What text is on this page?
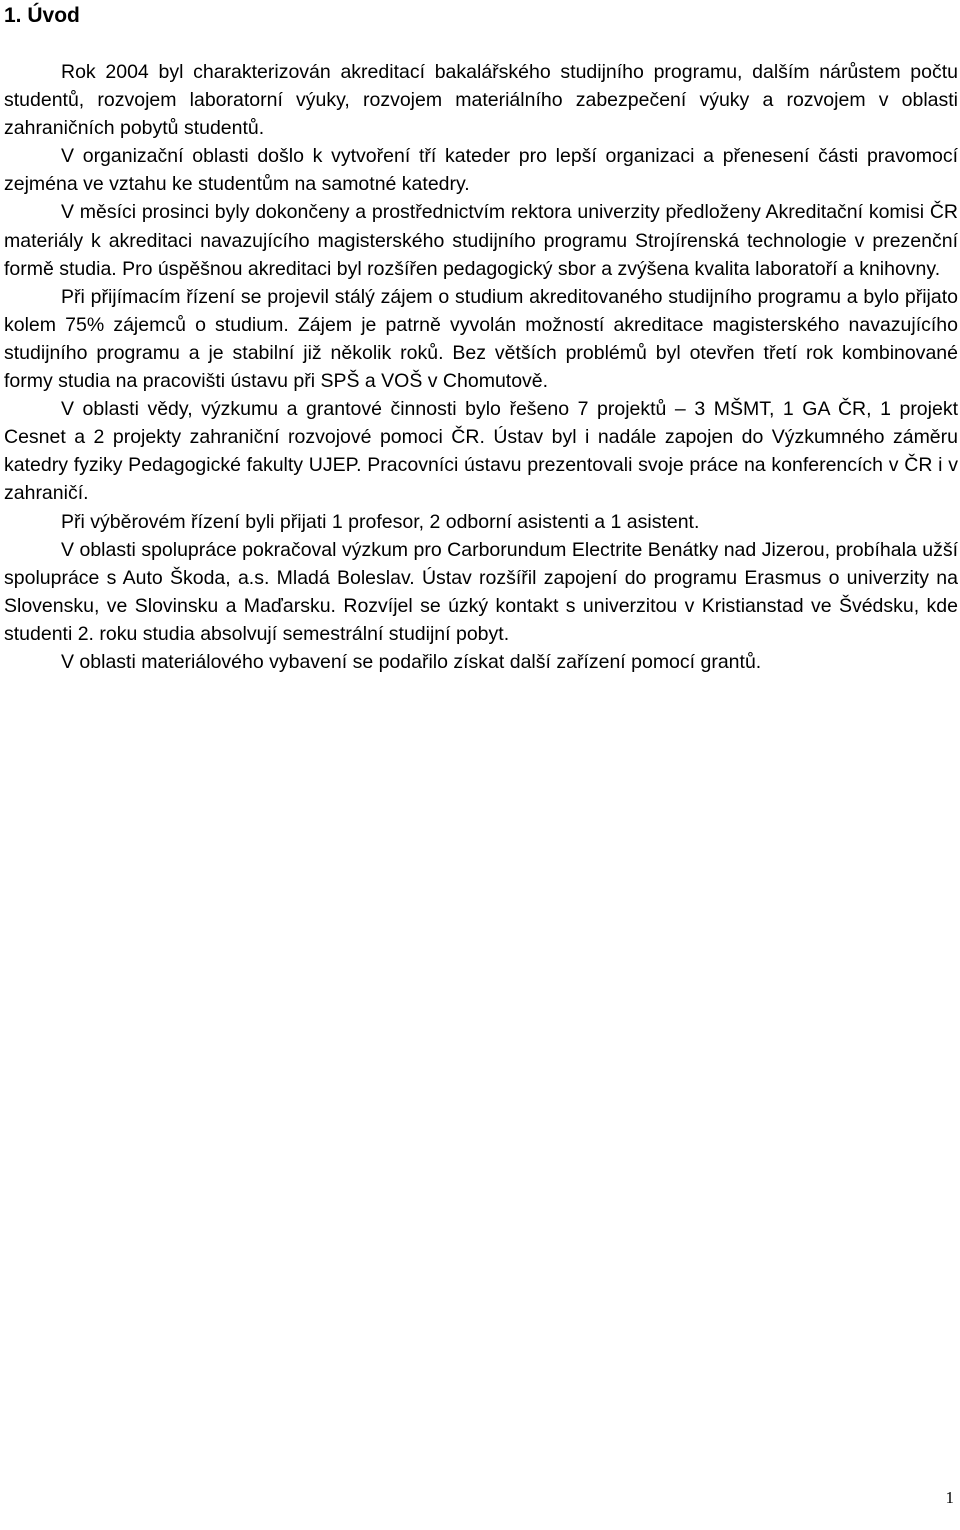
1. Úvod

Rok 2004 byl charakterizován akreditací bakalářského studijního programu, dalším nárůstem počtu studentů, rozvojem laboratorní výuky, rozvojem materiálního zabezpečení výuky a rozvojem v oblasti zahraničních pobytů studentů.

V organizační oblasti došlo k vytvoření tří kateder pro lepší organizaci a přenesení části pravomocí zejména ve vztahu ke studentům na samotné katedry.

V měsíci prosinci byly dokončeny a prostřednictvím rektora univerzity předloženy Akreditační komisi ČR materiály k akreditaci navazujícího magisterského studijního programu Strojírenská technologie v prezenční formě studia. Pro úspěšnou akreditaci byl rozšířen pedagogický sbor a zvýšena kvalita laboratoří a knihovny.

Při přijímacím řízení se projevil stálý zájem o studium akreditovaného studijního programu a bylo přijato kolem 75% zájemců o studium. Zájem je patrně vyvolán možností akreditace magisterského navazujícího studijního programu a je stabilní již několik roků. Bez větších problémů byl otevřen třetí rok kombinované formy studia na pracovišti ústavu při SPŠ a VOŠ v Chomutově.

V oblasti vědy, výzkumu a grantové činnosti bylo řešeno 7 projektů – 3 MŠMT, 1 GA ČR, 1 projekt Cesnet a 2 projekty zahraniční rozvojové pomoci ČR. Ústav byl i nadále zapojen do Výzkumného záměru katedry fyziky Pedagogické fakulty UJEP. Pracovníci ústavu prezentovali svoje práce na konferencích v ČR i v zahraničí.

Při výběrovém řízení byli přijati 1 profesor, 2 odborní asistenti a 1 asistent.

V oblasti spolupráce pokračoval výzkum pro Carborundum Electrite Benátky nad Jizerou, probíhala užší spolupráce s Auto Škoda, a.s. Mladá Boleslav. Ústav rozšířil zapojení do programu Erasmus o univerzity na Slovensku, ve Slovinsku a Maďarsku. Rozvíjel se úzký kontakt s univerzitou v Kristianstad ve Švédsku, kde studenti 2. roku studia absolvují semestrální studijní pobyt.

V oblasti materiálového vybavení se podařilo získat další zařízení pomocí grantů.

1
